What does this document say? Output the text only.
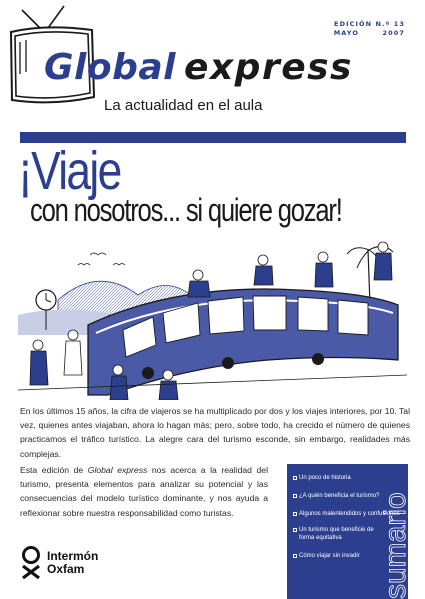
EDICIÓN N.º 13
MAYO       2007
Global express
La actualidad en el aula
¡Viaje
con nosotros... si quiere gozar!

En los últimos 15 años, la cifra de viajeros se ha multiplicado por dos y los viajes interiores, por 10. Tal vez, quienes antes viajaban, ahora lo hagan más; pero, sobre todo, ha crecido el número de quienes practicamos el tráfico turístico. La alegre cara del turismo esconde, sin embargo, realidades más complejas.

Esta edición de Global express nos acerca a la realidad del turismo, presenta elementos para analizar su potencial y las consecuencias del modelo turístico dominante, y nos ayuda a reflexionar sobre nuestra responsabilidad como turistas.

Intermón
Oxfam
Un poco de historia
¿A quién beneficia el turismo?
Algunos malentendidos y confusiones
Un turismo que beneficie de forma equitativa
Cómo viajar sin invadir sumario
